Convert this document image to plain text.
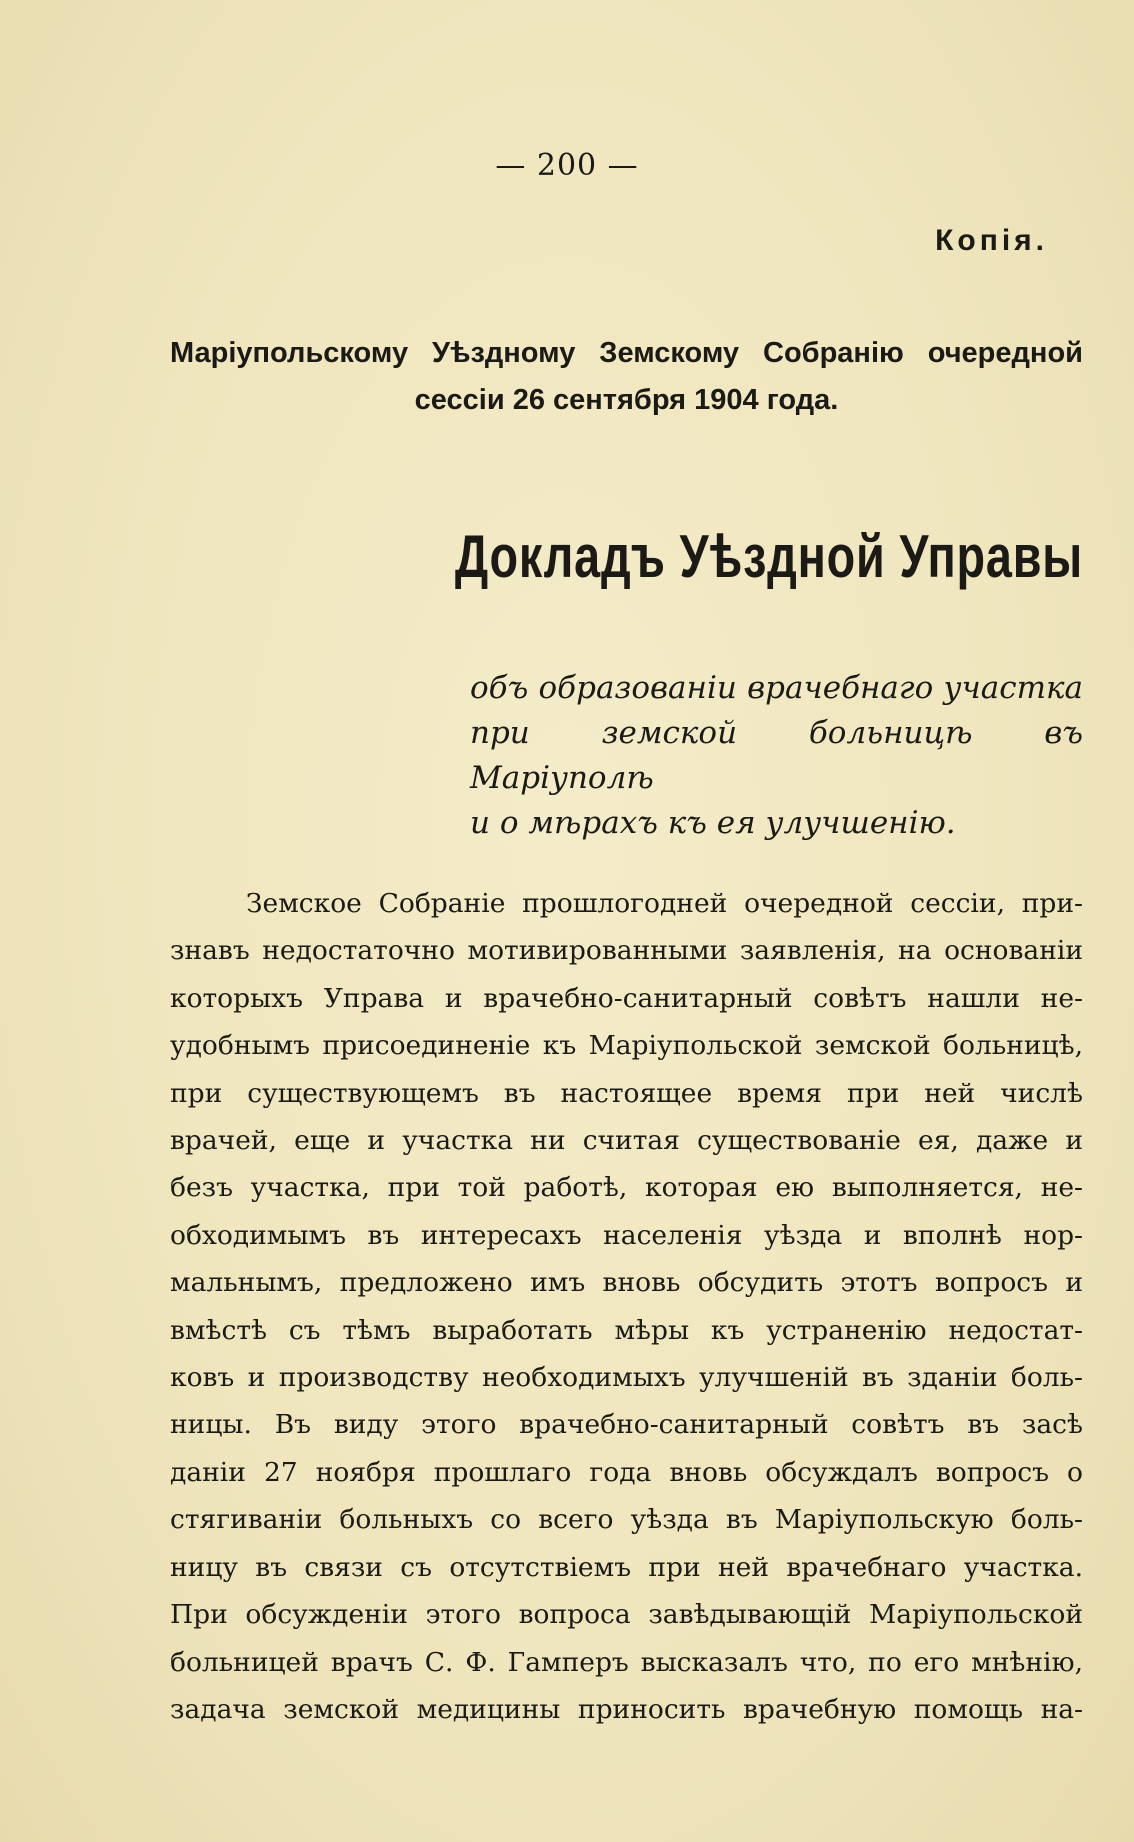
— 200 —
Копія.
Маріупольскому Уѣздному Земскому Собранію очередной
сессіи 26 сентября 1904 года.
Докладъ Уѣздной Управы
объ образованіи врачебнаго участка
при земской больницѣ въ Маріуполѣ
и о мѣрахъ къ ея улучшенію.
Земское Собраніе прошлогодней очередной сессіи, при-
знавъ недостаточно мотивированными заявленія, на основаніи
которыхъ Управа и врачебно-санитарный совѣтъ нашли не-
удобнымъ присоединеніе къ Маріупольской земской больницѣ,
при существующемъ въ настоящее время при ней числѣ
врачей, еще и участка ни считая существованіе ея, даже и
безъ участка, при той работѣ, которая ею выполняется, не-
обходимымъ въ интересахъ населенія уѣзда и вполнѣ нор-
мальнымъ, предложено имъ вновь обсудить этотъ вопросъ и
вмѣстѣ съ тѣмъ выработать мѣры къ устраненію недостат-
ковъ и производству необходимыхъ улучшеній въ зданіи боль-
ницы. Въ виду этого врачебно-санитарный совѣтъ въ засѣ
даніи 27 ноября прошлаго года вновь обсуждалъ вопросъ о
стягиваніи больныхъ со всего уѣзда въ Маріупольскую боль-
ницу въ связи съ отсутствіемъ при ней врачебнаго участка.
При обсужденіи этого вопроса завѣдывающій Маріупольской
больницей врачъ С. Ф. Гамперъ высказалъ что, по его мнѣнію,
задача земской медицины приносить врачебную помощь на-
